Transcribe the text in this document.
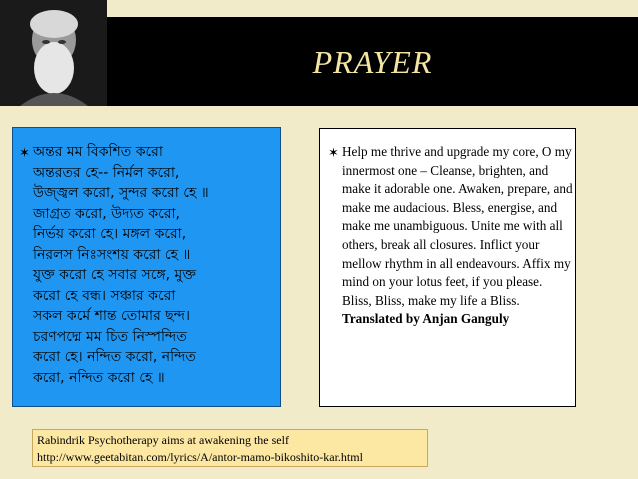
PRAYER
✶ অন্তর মম বিকশিত করো
অন্তরতর হে-- নির্মল করো,
উজ্জ্বল করো, সুন্দর করো হে ॥
জাগ্রত করো, উদ্যত করো,
নির্ভয় করো হে। মঙ্গল করো,
নিরলস নিঃসংশয় করো হে ॥
যুক্ত করো হে সবার সঙ্গে, মুক্ত
করো হে বন্ধ। সঞ্চার করো
সকল কর্মে শান্ত তোমার ছন্দ।
চরণপদ্মে মম চিত নিস্পন্দিত
করো হে। নন্দিত করো, নন্দিত
করো, নন্দিত করো হে ॥
✶ Help me thrive and upgrade my core, O my innermost one – Cleanse, brighten, and make it adorable one. Awaken, prepare, and make me audacious. Bless, energise, and make me unambiguous. Unite me with all others, break all closures. Inflict your mellow rhythm in all endeavours. Affix my mind on your lotus feet, if you please. Bliss, Bliss, make my life a Bliss.
Translated by Anjan Ganguly
Rabindrik Psychotherapy aims at awakening the self
http://www.geetabitan.com/lyrics/A/antor-mamo-bikoshito-kar.html
